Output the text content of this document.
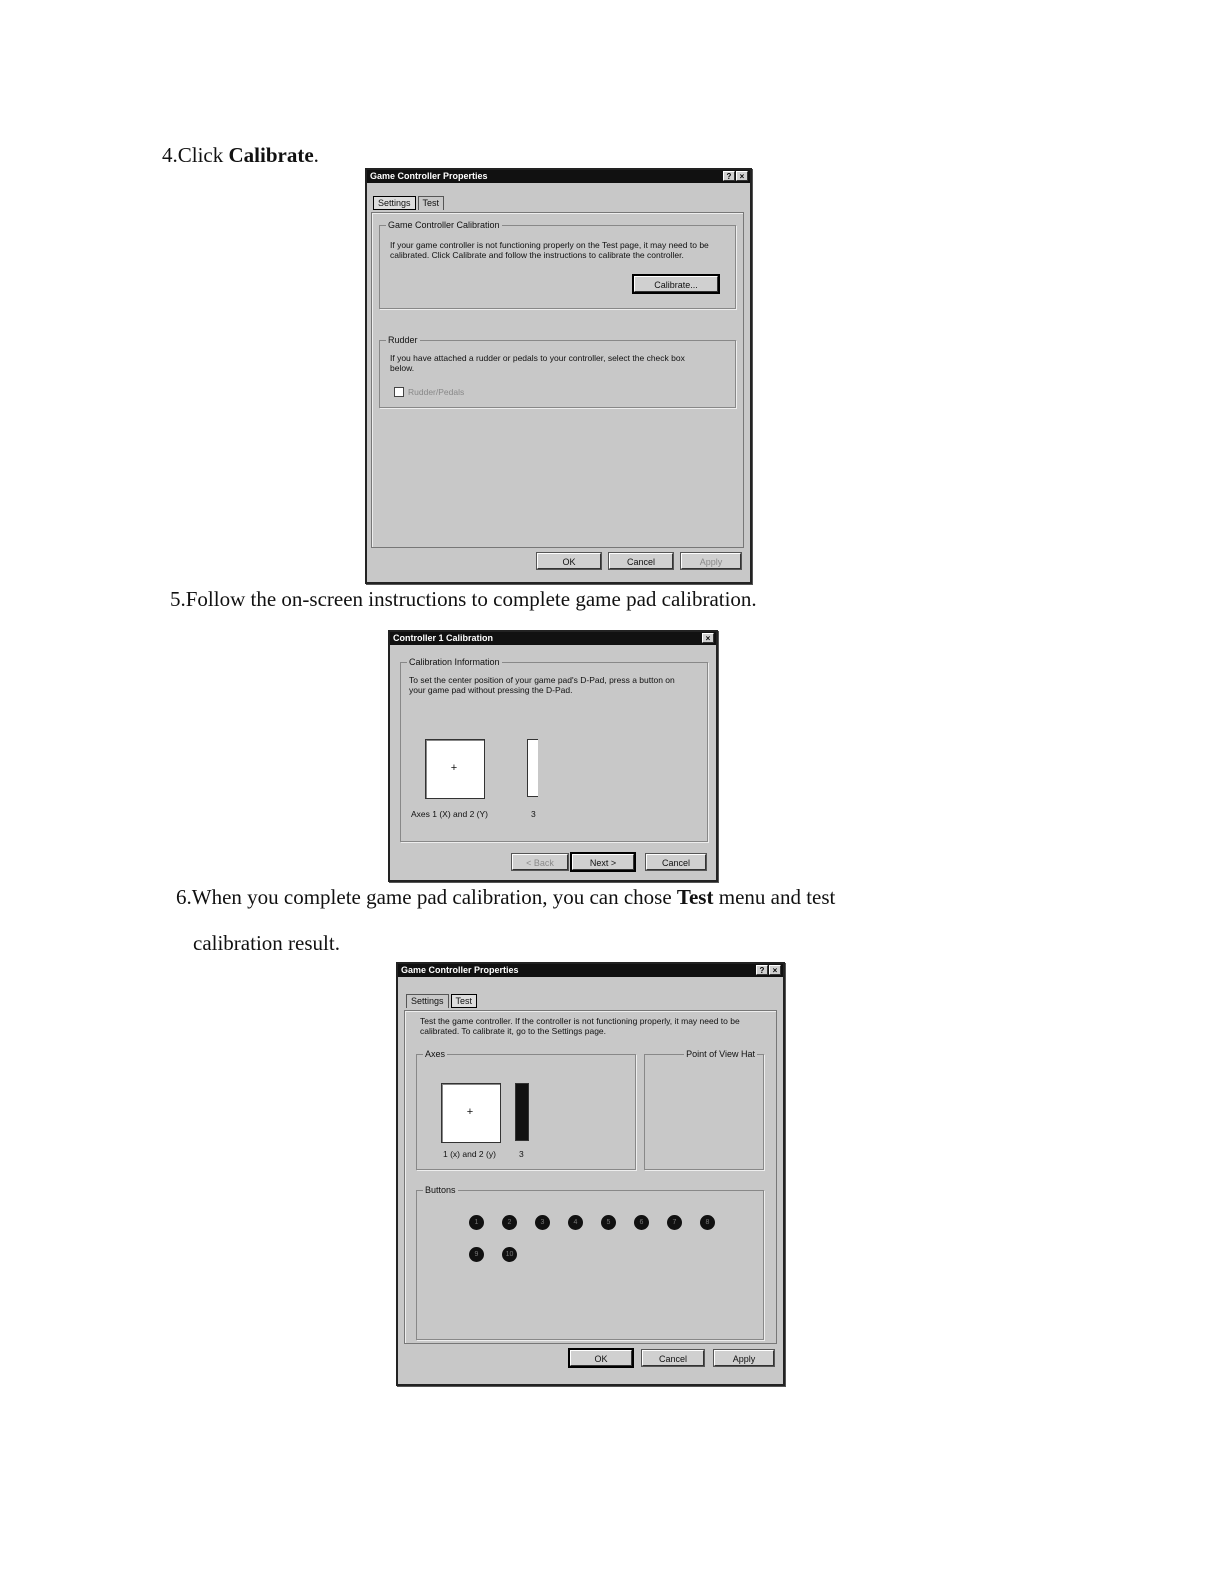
4.Click Calibrate.
Game Controller Properties	?	×
Settings	Test
Game Controller Calibration
If your game controller is not functioning properly on the Test page, it may need to be calibrated. Click Calibrate and follow the instructions to calibrate the controller.
Calibrate...
Rudder
If you have attached a rudder or pedals to your controller, select the check box below.
Rudder/Pedals
OK	Cancel	Apply
5.Follow the on-screen instructions to complete game pad calibration.
Controller 1 Calibration	×
Calibration Information
To set the center position of your game pad's D-Pad, press a button on your game pad without pressing the D-Pad.
+
Axes 1 (X) and 2 (Y)	3
< Back	Next >	Cancel
6.When you complete game pad calibration, you can chose Test menu and test
calibration result.
Game Controller Properties	?	×
Settings	Test
Test the game controller. If the controller is not functioning properly, it may need to be calibrated. To calibrate it, go to the Settings page.
Axes
+
1 (x) and 2 (y)	3
Point of View Hat
Buttons
1	2	3	4	5	6	7	8
9	10
OK	Cancel	Apply
